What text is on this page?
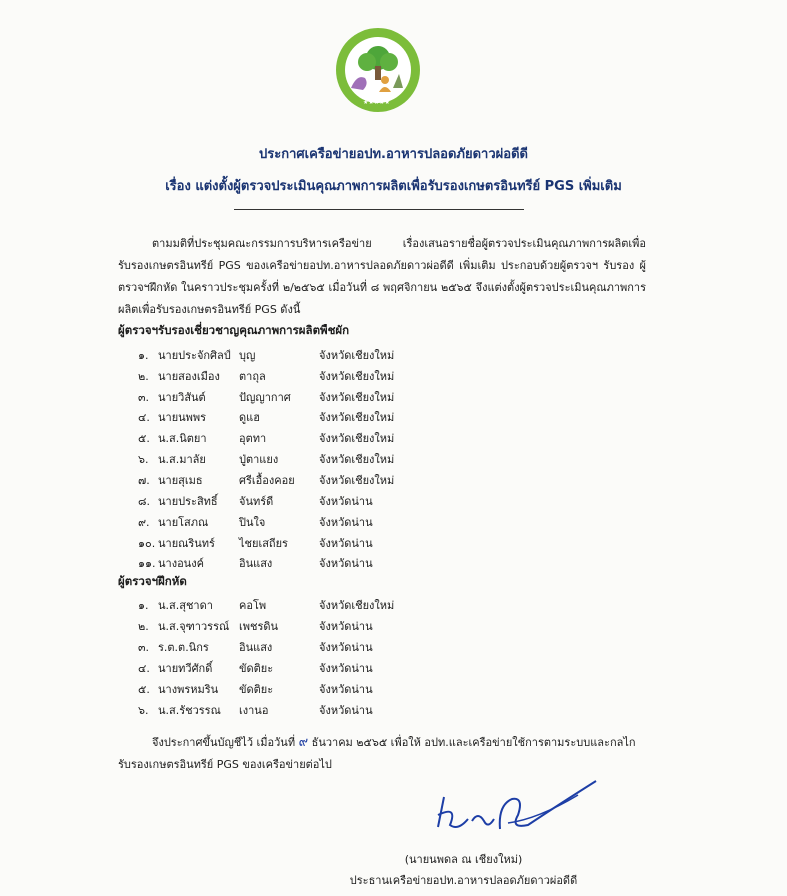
★★★★★
ประกาศเครือข่ายอปท.อาหารปลอดภัยดาวผ่อดีดี
เรื่อง แต่งตั้งผู้ตรวจประเมินคุณภาพการผลิตเพื่อรับรองเกษตรอินทรีย์ PGS เพิ่มเติม
ตามมติที่ประชุมคณะกรรมการบริหารเครือข่าย เรื่องเสนอรายชื่อผู้ตรวจประเมินคุณภาพการผลิตเพื่อรับรองเกษตรอินทรีย์ PGS ของเครือข่ายอปท.อาหารปลอดภัยดาวผ่อดีดี เพิ่มเติม ประกอบด้วยผู้ตรวจฯ รับรอง ผู้ตรวจฯฝึกหัด ในคราวประชุมครั้งที่ ๒/๒๕๖๕ เมื่อวันที่ ๘ พฤศจิกายน ๒๕๖๕ จึงแต่งตั้งผู้ตรวจประเมินคุณภาพการผลิตเพื่อรับรองเกษตรอินทรีย์ PGS ดังนี้
ผู้ตรวจฯรับรองเชี่ยวชาญคุณภาพการผลิตพืชผัก
๑. นายประจักศิลป์ บุญ	จังหวัดเชียงใหม่
๒. นายสองเมือง ตาถุล	จังหวัดเชียงใหม่
๓. นายวิสันต์	ปัญญากาศ	จังหวัดเชียงใหม่
๔. นายนพพร	ดูแฮ	จังหวัดเชียงใหม่
๕. น.ส.นิตยา	อุตทา	จังหวัดเชียงใหม่
๖. น.ส.มาลัย	ปู่ตาแยง	จังหวัดเชียงใหม่
๗. นายสุเมธ	ศรีเอื้องคอย จังหวัดเชียงใหม่
๘. นายประสิทธิ์ จันทร์ดี	จังหวัดน่าน
๙. นายโสภณ	ปินใจ	จังหวัดน่าน
๑๐. นายณรินทร์ ไชยเสถียร	จังหวัดน่าน
๑๑. นางอนงค์	อินแสง	จังหวัดน่าน
ผู้ตรวจฯฝึกหัด
๑. น.ส.สุชาดา คอโพ	จังหวัดเชียงใหม่
๒. น.ส.จุฑาวรรณ์ เพชรดิน	จังหวัดน่าน
๓. ร.ต.ต.นิกร	อินแสง	จังหวัดน่าน
๔. นายทวีศักดิ์ ขัดติยะ	จังหวัดน่าน
๕. นางพรหมริน ขัดติยะ	จังหวัดน่าน
๖. น.ส.รัชวรรณ เงานอ	จังหวัดน่าน
จึงประกาศขึ้นบัญชีไว้ เมื่อวันที่ ๙ ธันวาคม ๒๕๖๕ เพื่อให้ อปท.และเครือข่ายใช้การตามระบบและกลไกรับรองเกษตรอินทรีย์ PGS ของเครือข่ายต่อไป
(นายนพดล ณ เชียงใหม่)
ประธานเครือข่ายอปท.อาหารปลอดภัยดาวผ่อดีดี
